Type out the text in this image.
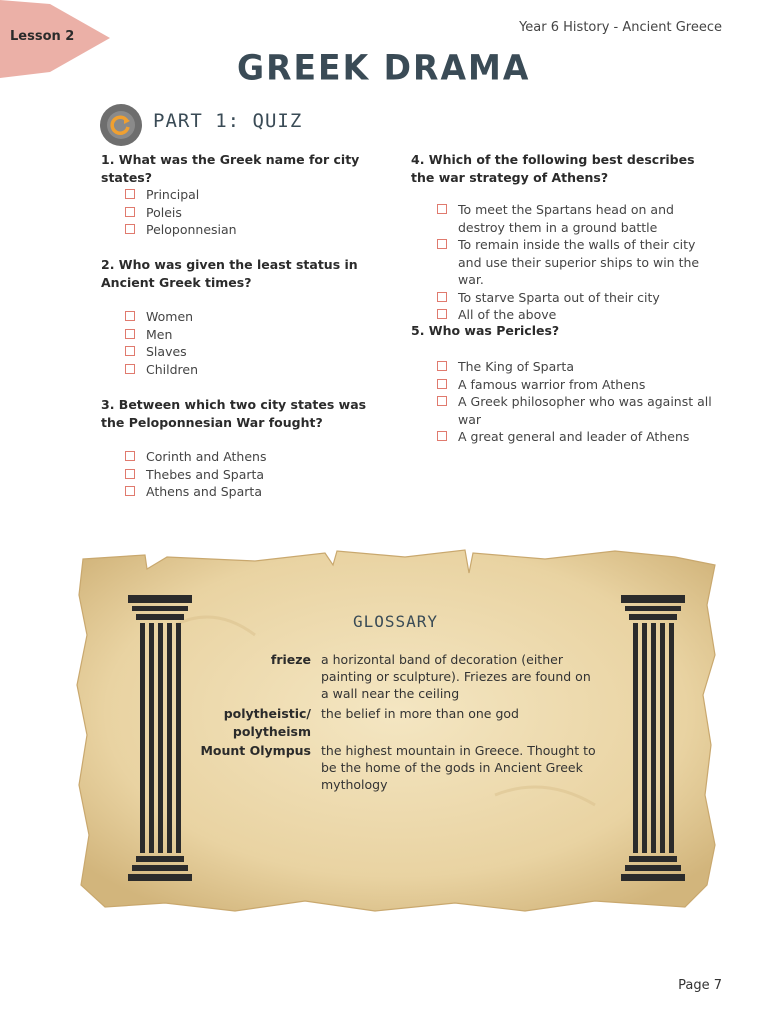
Lesson 2
Year 6 History - Ancient Greece
GREEK DRAMA
PART 1: QUIZ
1. What was the Greek name for city states?
Principal
Poleis
Peloponnesian
2. Who was given the least status in Ancient Greek times?
Women
Men
Slaves
Children
3. Between which two city states was the Peloponnesian War fought?
Corinth and Athens
Thebes and Sparta
Athens and Sparta
4. Which of the following best describes the war strategy of Athens?
To meet the Spartans head on and destroy them in a ground battle
To remain inside the walls of their city and use their superior ships to win the war.
To starve Sparta out of their city
All of the above
5. Who was Pericles?
The King of Sparta
A famous warrior from Athens
A Greek philosopher who was against all war
A great general and leader of Athens
GLOSSARY
frieze a horizontal band of decoration (either painting or sculpture). Friezes are found on a wall near the ceiling
polytheistic/ polytheism
the belief in more than one god
Mount Olympus the highest mountain in Greece. Thought to be the home of the gods in Ancient Greek mythology
Page 7
